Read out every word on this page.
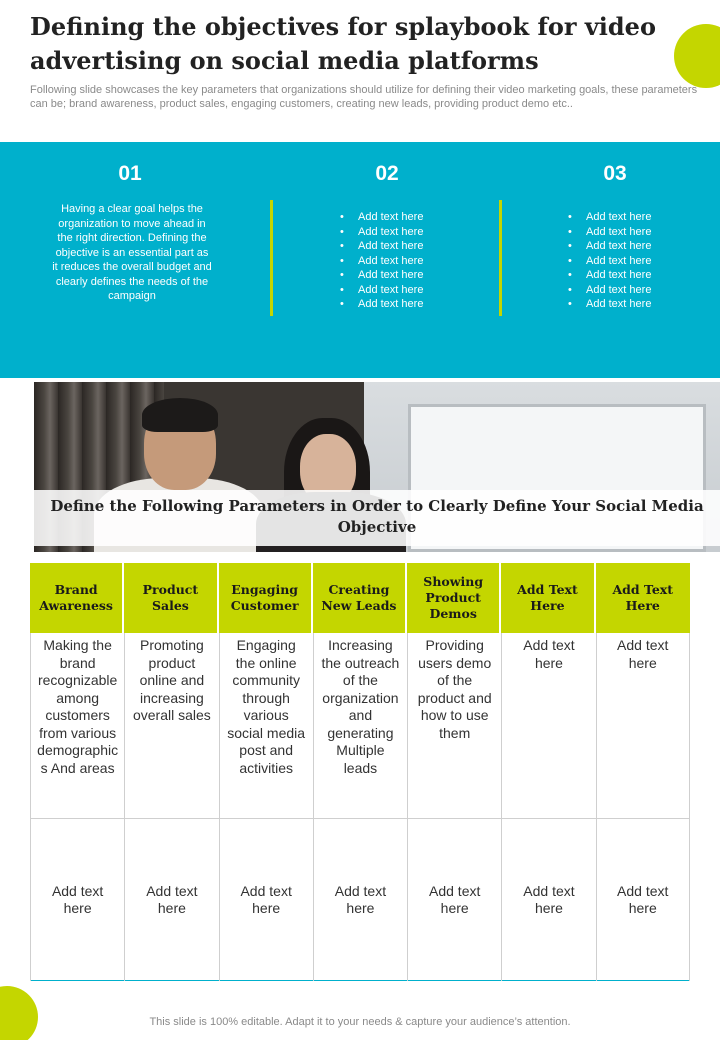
Defining the objectives for splaybook for video advertising on social media platforms
Following slide showcases the key parameters that organizations should utilize for defining their video marketing goals, these parameters can be; brand awareness, product sales, engaging customers, creating new leads, providing product demo etc..
01
Having a clear goal helps the organization to move ahead in the right direction. Defining the objective is an essential part as it reduces the overall budget and clearly defines the needs of the campaign
02
• Add text here
• Add text here
• Add text here
• Add text here
• Add text here
• Add text here
• Add text here
03
• Add text here
• Add text here
• Add text here
• Add text here
• Add text here
• Add text here
• Add text here
Define the Following Parameters in Order to Clearly Define Your Social Media Objective
Brand Awareness
Product Sales
Engaging Customer
Creating New Leads
Showing Product Demos
Add Text Here
Add Text Here
Making the brand recognizable among customers from various demographics And areas
Promoting product online and increasing overall sales
Engaging the online community through various social media post and activities
Increasing the outreach of the organization and generating Multiple leads
Providing users demo of the product and how to use them
Add text here
Add text here
Add text here
Add text here
Add text here
Add text here
Add text here
Add text here
Add text here
This slide is 100% editable. Adapt it to your needs & capture your audience’s attention.
